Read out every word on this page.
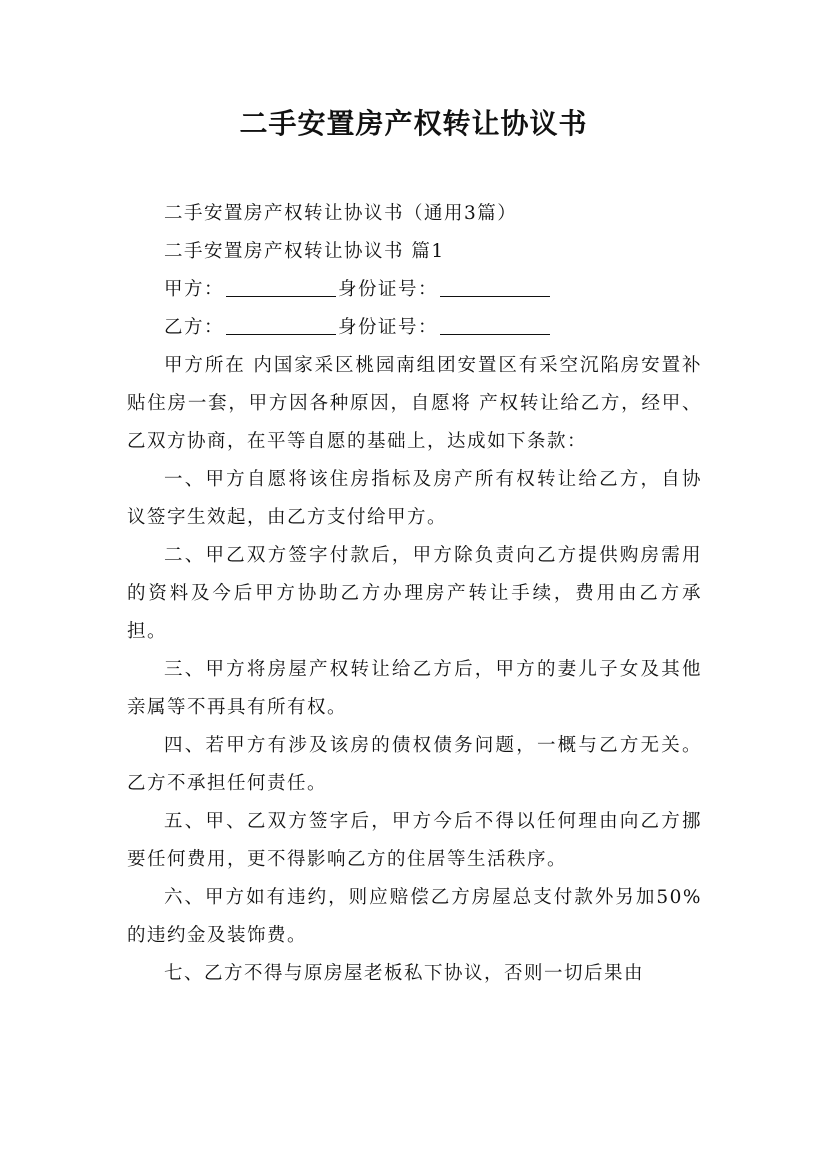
二手安置房产权转让协议书

二手安置房产权转让协议书（通用3篇）

二手安置房产权转让协议书 篇1

甲方：	身份证号：

乙方：	身份证号：

甲方所在 内国家采区桃园南组团安置区有采空沉陷房安置补贴住房一套，甲方因各种原因，自愿将 产权转让给乙方，经甲、乙双方协商，在平等自愿的基础上，达成如下条款：

一、甲方自愿将该住房指标及房产所有权转让给乙方，自协议签字生效起，由乙方支付给甲方。

二、甲乙双方签字付款后，甲方除负责向乙方提供购房需用的资料及今后甲方协助乙方办理房产转让手续，费用由乙方承担。

三、甲方将房屋产权转让给乙方后，甲方的妻儿子女及其他亲属等不再具有所有权。

四、若甲方有涉及该房的债权债务问题，一概与乙方无关。乙方不承担任何责任。

五、甲、乙双方签字后，甲方今后不得以任何理由向乙方挪要任何费用，更不得影响乙方的住居等生活秩序。

六、甲方如有违约，则应赔偿乙方房屋总支付款外另加50%的违约金及装饰费。

七、乙方不得与原房屋老板私下协议，否则一切后果由
